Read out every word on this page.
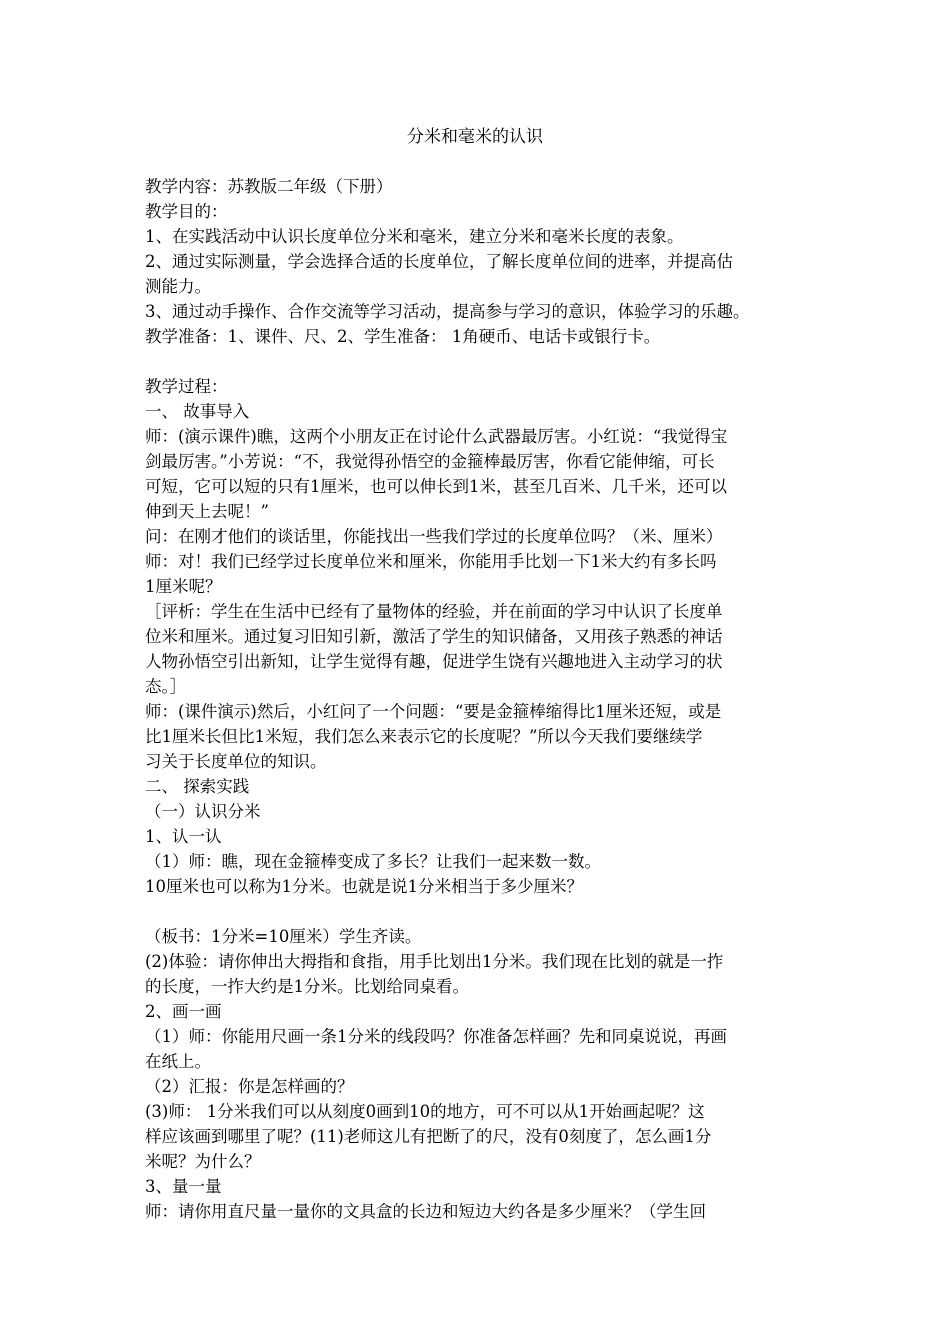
分米和毫米的认识
教学内容：苏教版二年级（下册）
教学目的：
1、在实践活动中认识长度单位分米和毫米，建立分米和毫米长度的表象。
2、通过实际测量，学会选择合适的长度单位，了解长度单位间的进率，并提高估
测能力。
3、通过动手操作、合作交流等学习活动，提高参与学习的意识，体验学习的乐趣。
教学准备：1、课件、尺、2、学生准备： 1角硬币、电话卡或银行卡。
教学过程：
一、 故事导入
师：(演示课件)瞧，这两个小朋友正在讨论什么武器最厉害。小红说：“我觉得宝
剑最厉害。”小芳说：“不，我觉得孙悟空的金箍棒最厉害，你看它能伸缩，可长
可短，它可以短的只有1厘米，也可以伸长到1米，甚至几百米、几千米，还可以
伸到天上去呢！”
问：在刚才他们的谈话里，你能找出一些我们学过的长度单位吗？（米、厘米）
师：对！我们已经学过长度单位米和厘米，你能用手比划一下1米大约有多长吗
1厘米呢？
［评析：学生在生活中已经有了量物体的经验，并在前面的学习中认识了长度单
位米和厘米。通过复习旧知引新，激活了学生的知识储备，又用孩子熟悉的神话
人物孙悟空引出新知，让学生觉得有趣，促进学生饶有兴趣地进入主动学习的状
态。］
师：(课件演示)然后，小红问了一个问题：“要是金箍棒缩得比1厘米还短，或是
比1厘米长但比1米短，我们怎么来表示它的长度呢？”所以今天我们要继续学
习关于长度单位的知识。
二、 探索实践
（一）认识分米
1、认一认
（1）师：瞧，现在金箍棒变成了多长？让我们一起来数一数。
10厘米也可以称为1分米。也就是说1分米相当于多少厘米？
（板书：1分米=10厘米）学生齐读。
(2)体验：请你伸出大拇指和食指，用手比划出1分米。我们现在比划的就是一拃
的长度，一拃大约是1分米。比划给同桌看。
2、画一画
（1）师：你能用尺画一条1分米的线段吗？你准备怎样画？先和同桌说说，再画
在纸上。
（2）汇报：你是怎样画的？
(3)师： 1分米我们可以从刻度0画到10的地方，可不可以从1开始画起呢？这
样应该画到哪里了呢？(11)老师这儿有把断了的尺，没有0刻度了，怎么画1分
米呢？为什么？
3、量一量
师：请你用直尺量一量你的文具盒的长边和短边大约各是多少厘米？（学生回
